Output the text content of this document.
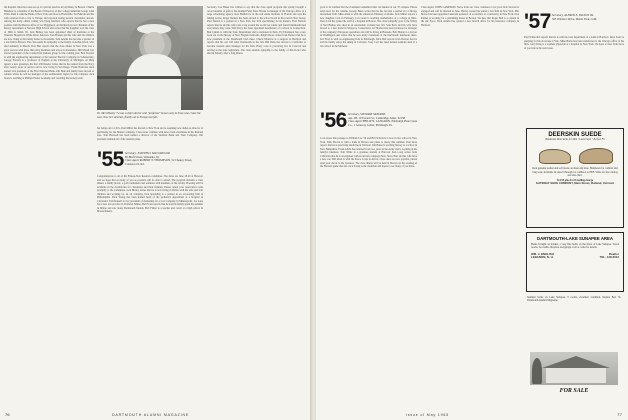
the hospital. Most her sons are up at a private practice in psychiatry in Boston. Charlie Henshaw is a member of the Board of Directors of the College Industrial Group. John Wolfe Ruhl is with the Bank of New York and lives in Bronxville. Ted Marvin and his wife returned from a trip to Europe and reported seeing several classmates abroad. Among the many others writing was Doug Kitchell, who reports that he has a new position with the Boston office of Lee Higginson. Art Richards is now chairman of the history department at Newton High School and writes that his daughter is in the class of 1966 at Smith. Dr. Jack Bishop has been appointed chief of medicine at the Veterans Hospital in White River Junction. Tom Braden and his wife and six children are now living at the family home in Oceanside. Sam Adams has become a partner in a law firm in Boston. The class sends its sympathy to the family of Arthur Wood, who died suddenly in March. Don Hart reports that the class dinner in New York was a great success with more than sixty members and wives in attendance. Bill Marsh was elected president of the Connecticut bankers group for the coming year. Bob Stevens is with the engineering department of the General Electric Company in Schenectady. George Stevens is a professor of English at the University of Michigan. Al Ring reports a new grandson, his first. Phil Keeler writes that he has retired from the Navy after twenty years of service and is now living in San Diego. Frank Nash has been named vice president of the First National Bank. Jim Hale and family have moved to Atlanta where he will be manager of the southeastern region for his company. Jack Stone is teaching at Phillips Exeter Academy and coaching the hockey team.

Dr. Mert Healey '74 was a ship's doctor with "professor" known only to those who cruise the seas. Now he's abstract, finally out to Europe last fall.

but being out to J.R.S. Paul Miller has moved to New York and is assuming new duties as director of purchasing for the Mutual company. Class notes continue with news from classmates in the Rutland area. Tom Hartwell has been named a director of the Vermont Bank and Trust Company. Our president reminds all of the reunion plans.

'55 Secretary, JOSEPH D. MACGREGOR
85 Bluff Street, Winnetka, Ill.
Class Agent ROBERT P. THOMPSON, 52 Cheney Street, Cranston 10, R.I.

Congratulations to all of the Fifteen-Year Reunion committee. The dates are June 18-20 at Hanover and we hope that as many of you as possible will be able to attend. The program includes a class dinner, a family picnic, a golf tournament and seminars with members of the faculty. Housing will be available in the dormitories for classmates and their families. Please return your reservation cards promptly to the committee. Jack Hurley writes that he is now living in Dallas with his wife and four children and working for an oil company. Don Spaulding is a partner in an accounting firm in Philadelphia. Dick Young has been named head of the pediatrics department at a hospital in Cleveland. Tom Russell is vice president of marketing for a food company in Minneapolis. Joe Lane has a new law practice in Portland, Maine. Hal Evans reports that he and his family spent the summer in Maine and saw many Dartmouth friends. Bob Fisher is a teacher and coach at a high school in Massachusetts.

Secretary Lou Baker has written to say that the class agent program this spring brought a record number of gifts to the Alumni Fund. Dave Bryant is manager of the Chicago office of a large advertising agency. Ken Hatfield is in the real estate business in Florida and says the fishing is fine. Roger Daniels has been elected to the school board in his town in New Jersey. Paul Weston is a partner in a New York law firm specializing in tax matters. Fred Nichols reports that he and his wife took a trip around the world last winter and found Dartmouth men everywhere they went. Walt Perry has been appointed headmaster of a school in Connecticut. Ben Lyman is with the State Department and is stationed in Paris. Ed Thompson has a new book out on the history of New England railroads. Ralph Moore writes from Denver that he is now president of the Dartmouth Club there. Chuck Winslow is a surgeon in Hartford and reports that his son will enter Dartmouth in the fall. Bill Dana has moved to California to become western sales manager for his firm. Harry Cole is practicing law in Concord and serving in the state legislature. The class extends sympathy to the family of Jim Porter who died in January after a long illness.

76	DARTMOUTH ALUMNI MAGAZINE

good to be notified that the classmates remember their old haunts on our '55 campus. Please send news for the column. George Bates writes that he has become a partner in a Chicago investment firm. Mike Allen is with the American Embassy in Rome. Jack Miller reports a new daughter born in February. Lou Grant is teaching mathematics at a college in Ohio. Dave Lord has joined the staff of a hospital in Boston. The class sympathy goes to the family of Ned Bishop who died in an automobile accident last fall. Sam Peck and his wife have moved to a new home in Westport, Connecticut. Al Thomas has been promoted to manager of his company's European operations and will be living in Brussels. Bob Hunter is a lawyer in Washington and writes that he sees many classmates at the Dartmouth luncheons there. Ted Frost is with an engineering firm in Pittsburgh. Dick Hall reports from Denver that he and his family enjoy the skiing in Colorado. Tony Carr has been named assistant dean at a law school in the Midwest.

'56 Secretary, STEWART SANDERS
Apt. 2B, 19 Everett St., Cambridge, Mass. 02138
Class Agent PHILIP N. LANGDON, Pittsburgh Plate Glass Co., 1 Gateway Center, Pittsburgh, Pa.

I can swear this passage to William Coe '56 and Bill Schwartz is now in law school in New York. Dick Brown is with a bank in Boston and plans to marry this summer. Paul Ross reports that he is practicing medicine in Vermont. Jim Baker is teaching history at a school in New Hampshire. Frank Gibbs has returned from two years in the Army and is working in his family's business. Tom White is a graduate student at Harvard. Ken Long writes from California that he is an engineer with an aircraft company there. Steve Hart and his wife have a new son. Bill Reed is with the Peace Corps in Africa. Class dues are now payable; please send your check to the treasurer. The class dinner will be held in Boston on the evening of the Harvard game this fall. Jack Young is the chairman and hopes to see many of you there.

Class Agent, JOHN CAMERON. News from our class continues to be good. Rob Stewart is engaged and will be married in June. Harvey Green has joined a law firm in New York. Phil Morse has been appointed assistant professor of economics at a university in New York. Don Palmer is working for a publishing house in Boston. We hear that Roger Bell is a captain in the Air Force. Dick Adams has opened a new branch office for his insurance company in Hartford.	'57 Secretary, ALFRED E. FALSON JR.
565 Windsor Drive, Menlo Park, Calif.

Paul Whitcomb reports that he is with the trust department of a bank in Hartford. Dave Sears is studying for his doctorate at Yale. Mike Burns has been transferred to the Chicago office of his firm. Larry King is a resident physician at a hospital in New York. We hope to hear from more of you before the next issue.

DEERSKIN SUEDE
Handsome Moccasins for Men • Latest Style • Perfect Fit
Real genuine leather and soft insole on sheer-dip shoe. Handsewn for comfort and long wear. Available in sizes 6 through 14, widths A to EEE. Write for free catalog and size chart.
$14.95 plus $1.25 mailing charge
GATEWAY SHOE COMPANY, Main Street, Rutland, Vermont
DARTMOUTH-LAKE SUNAPEE AREA
Home brought on market, a very fine home on the shore of Lake Sunapee. Seven rooms, two baths, fireplace and garage. Call or write for details.
WM. J. ENGLISH	Realtor
LEBANON, N. H.	TEL. 448-3012
Summer home on Lake Sunapee, 8 rooms, excellent condition. Inquire Box 70, Dartmouth Alumni Magazine.
FOR SALE
Issue of May 1965	77
